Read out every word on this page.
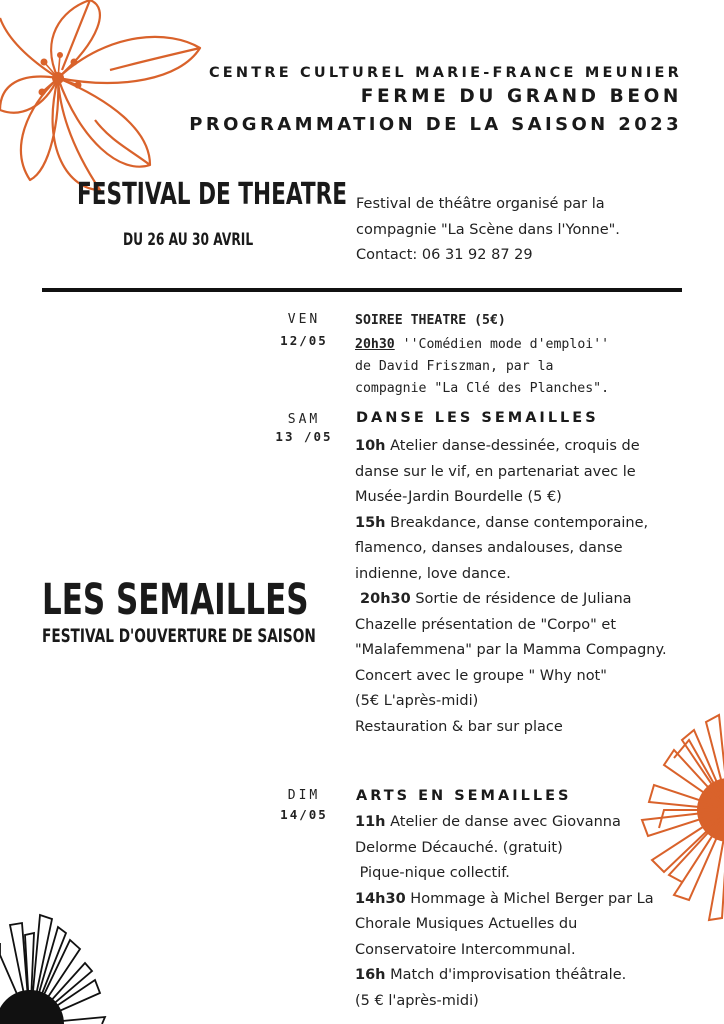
CENTRE CULTUREL MARIE-FRANCE MEUNIER
FERME DU GRAND BEON
PROGRAMMATION DE LA SAISON 2023
FESTIVAL DE THEATRE
DU 26 AU 30 AVRIL
Festival de théâtre organisé par la
compagnie "La Scène dans l'Yonne".
Contact: 06 31 92 87 29
LES SEMAILLES
FESTIVAL D'OUVERTURE DE SAISON
VEN
12/05
SOIREE THEATRE (5€)
20h30 ''Comédien mode d'emploi''
de David Friszman, par la
compagnie "La Clé des Planches".
SAM
13 /05
DANSE LES SEMAILLES
10h Atelier danse-dessinée, croquis de danse sur le vif, en partenariat avec le Musée-Jardin Bourdelle (5 €)
15h Breakdance, danse contemporaine, flamenco, danses andalouses, danse indienne, love dance.
20h30 Sortie de résidence de Juliana Chazelle présentation de "Corpo" et "Malafemmena" par la Mamma Compagny.
Concert avec le groupe " Why not"
(5€ L'après-midi)
Restauration & bar sur place
DIM
14/05
ARTS EN SEMAILLES
11h Atelier de danse avec Giovanna Delorme Décauché. (gratuit)
Pique-nique collectif.
14h30 Hommage à Michel Berger par La Chorale Musiques Actuelles du Conservatoire Intercommunal.
16h Match d'improvisation théâtrale.
(5 € l'après-midi)
